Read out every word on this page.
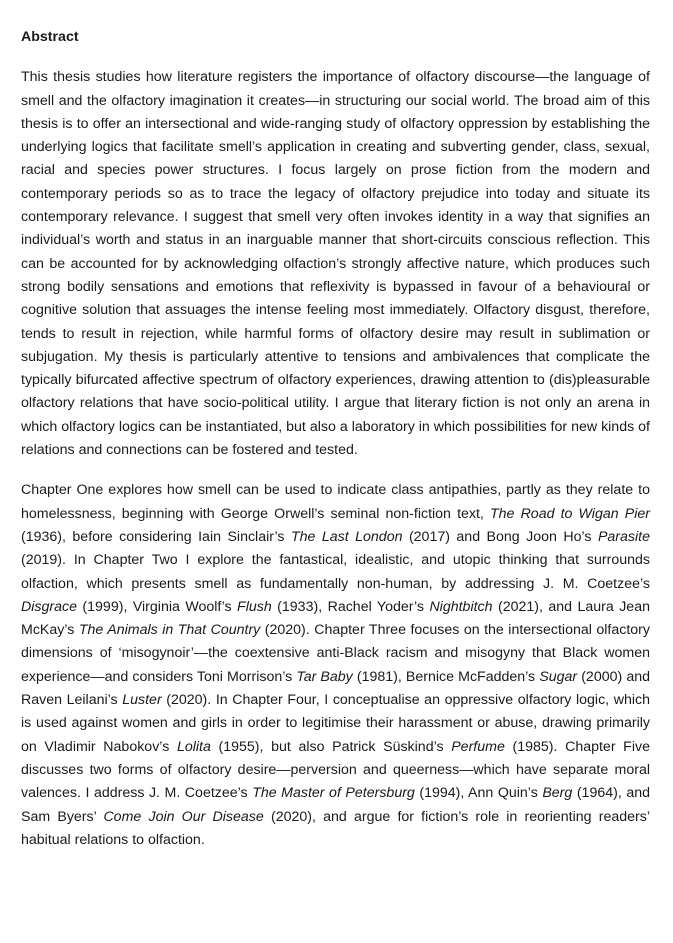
Abstract

This thesis studies how literature registers the importance of olfactory discourse—the language of smell and the olfactory imagination it creates—in structuring our social world. The broad aim of this thesis is to offer an intersectional and wide-ranging study of olfactory oppression by establishing the underlying logics that facilitate smell’s application in creating and subverting gender, class, sexual, racial and species power structures. I focus largely on prose fiction from the modern and contemporary periods so as to trace the legacy of olfactory prejudice into today and situate its contemporary relevance. I suggest that smell very often invokes identity in a way that signifies an individual’s worth and status in an inarguable manner that short-circuits conscious reflection. This can be accounted for by acknowledging olfaction’s strongly affective nature, which produces such strong bodily sensations and emotions that reflexivity is bypassed in favour of a behavioural or cognitive solution that assuages the intense feeling most immediately. Olfactory disgust, therefore, tends to result in rejection, while harmful forms of olfactory desire may result in sublimation or subjugation. My thesis is particularly attentive to tensions and ambivalences that complicate the typically bifurcated affective spectrum of olfactory experiences, drawing attention to (dis)pleasurable olfactory relations that have socio-political utility. I argue that literary fiction is not only an arena in which olfactory logics can be instantiated, but also a laboratory in which possibilities for new kinds of relations and connections can be fostered and tested.

Chapter One explores how smell can be used to indicate class antipathies, partly as they relate to homelessness, beginning with George Orwell’s seminal non-fiction text, The Road to Wigan Pier (1936), before considering Iain Sinclair’s The Last London (2017) and Bong Joon Ho’s Parasite (2019). In Chapter Two I explore the fantastical, idealistic, and utopic thinking that surrounds olfaction, which presents smell as fundamentally non-human, by addressing J. M. Coetzee’s Disgrace (1999), Virginia Woolf’s Flush (1933), Rachel Yoder’s Nightbitch (2021), and Laura Jean McKay’s The Animals in That Country (2020). Chapter Three focuses on the intersectional olfactory dimensions of ‘misogynoir’—the coextensive anti-Black racism and misogyny that Black women experience—and considers Toni Morrison’s Tar Baby (1981), Bernice McFadden’s Sugar (2000) and Raven Leilani’s Luster (2020). In Chapter Four, I conceptualise an oppressive olfactory logic, which is used against women and girls in order to legitimise their harassment or abuse, drawing primarily on Vladimir Nabokov’s Lolita (1955), but also Patrick Süskind’s Perfume (1985). Chapter Five discusses two forms of olfactory desire—perversion and queerness—which have separate moral valences. I address J. M. Coetzee’s The Master of Petersburg (1994), Ann Quin’s Berg (1964), and Sam Byers’ Come Join Our Disease (2020), and argue for fiction’s role in reorienting readers’ habitual relations to olfaction.
